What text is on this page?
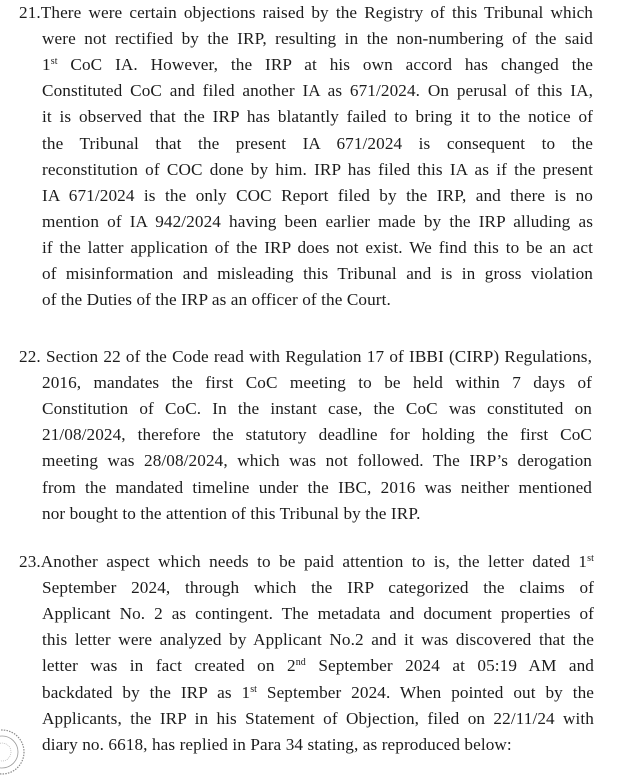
21.There were certain objections raised by the Registry of this Tribunal which
were not rectified by the IRP, resulting in the non-numbering of the said
1st CoC IA. However, the IRP at his own accord has changed the
Constituted CoC and filed another IA as 671/2024. On perusal of this IA,
it is observed that the IRP has blatantly failed to bring it to the notice of
the Tribunal that the present IA 671/2024 is consequent to the
reconstitution of COC done by him. IRP has filed this IA as if the present
IA 671/2024 is the only COC Report filed by the IRP, and there is no
mention of IA 942/2024 having been earlier made by the IRP alluding as
if the latter application of the IRP does not exist. We find this to be an act
of misinformation and misleading this Tribunal and is in gross violation
of the Duties of the IRP as an officer of the Court.
22. Section 22 of the Code read with Regulation 17 of IBBI (CIRP) Regulations,
2016, mandates the first CoC meeting to be held within 7 days of
Constitution of CoC. In the instant case, the CoC was constituted on
21/08/2024, therefore the statutory deadline for holding the first CoC
meeting was 28/08/2024, which was not followed. The IRP’s derogation
from the mandated timeline under the IBC, 2016 was neither mentioned
nor bought to the attention of this Tribunal by the IRP.
23.Another aspect which needs to be paid attention to is, the letter dated 1st
September 2024, through which the IRP categorized the claims of
Applicant No. 2 as contingent. The metadata and document properties of
this letter were analyzed by Applicant No.2 and it was discovered that the
letter was in fact created on 2nd September 2024 at 05:19 AM and
backdated by the IRP as 1st September 2024. When pointed out by the
Applicants, the IRP in his Statement of Objection, filed on 22/11/24 with
diary no. 6618, has replied in Para 34 stating, as reproduced below:
